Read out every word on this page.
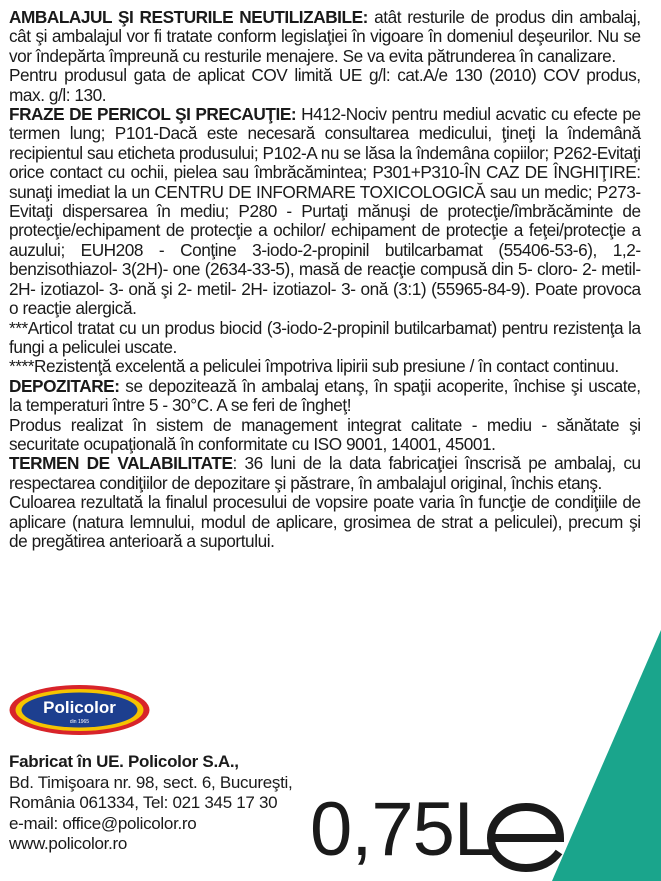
AMBALAJUL ŞI RESTURILE NEUTILIZABILE: atât resturile de produs din ambalaj, cât şi ambalajul vor fi tratate conform legislaţiei în vigoare în domeniul deşeurilor. Nu se vor îndepărta împreună cu resturile menajere. Se va evita pătrunderea în canalizare.

Pentru produsul gata de aplicat COV limită UE g/l: cat.A/e 130 (2010) COV produs, max. g/l: 130.

FRAZE DE PERICOL ŞI PRECAUŢIE: H412-Nociv pentru mediul acvatic cu efecte pe termen lung; P101-Dacă este necesară consultarea medicului, ţineţi la îndemână recipientul sau eticheta produsului; P102-A nu se lăsa la îndemâna copiilor; P262-Evitaţi orice contact cu ochii, pielea sau îmbrăcămintea; P301+P310-ÎN CAZ DE ÎNGHIŢIRE: sunaţi imediat la un CENTRU DE INFORMARE TOXICOLOGICĂ sau un medic; P273-Evitaţi dispersarea în mediu; P280 - Purtaţi mănuşi de protecţie/îmbrăcăminte de protecţie/echipament de protecţie a ochilor/ echipament de protecţie a feţei/protecţie a auzului; EUH208 - Conţine 3-iodo-2-propinil butilcarbamat (55406-53-6), 1,2- benzisothiazol- 3(2H)- one (2634-33-5), masă de reacţie compusă din 5- cloro- 2- metil- 2H- izotiazol- 3- onă şi 2- metil- 2H- izotiazol- 3- onă (3:1) (55965-84-9). Poate provoca o reacţie alergică.

***Articol tratat cu un produs biocid (3-iodo-2-propinil butilcarbamat) pentru rezistenţa la fungi a peliculei uscate.

****Rezistenţă excelentă a peliculei împotriva lipirii sub presiune / în contact continuu.

DEPOZITARE: se depozitează în ambalaj etanş, în spaţii acoperite, închise şi uscate, la temperaturi între 5 - 30°C. A se feri de îngheţ!

Produs realizat în sistem de management integrat calitate - mediu - sănătate şi securitate ocupaţională în conformitate cu ISO 9001, 14001, 45001.

TERMEN DE VALABILITATE: 36 luni de la data fabricaţiei înscrisă pe ambalaj, cu respectarea condiţiilor de depozitare şi păstrare, în ambalajul original, închis etanş.

Culoarea rezultată la finalul procesului de vopsire poate varia în funcţie de condiţiile de aplicare (natura lemnului, modul de aplicare, grosimea de strat a peliculei), precum şi de pregătirea anterioară a suportului.

Policolor
din 1965
Fabricat în UE. Policolor S.A.,
Bd. Timişoara nr. 98, sect. 6, Bucureşti,
România 061334, Tel: 021 345 17 30
e-mail: office@policolor.ro
www.policolor.ro	0,75L
